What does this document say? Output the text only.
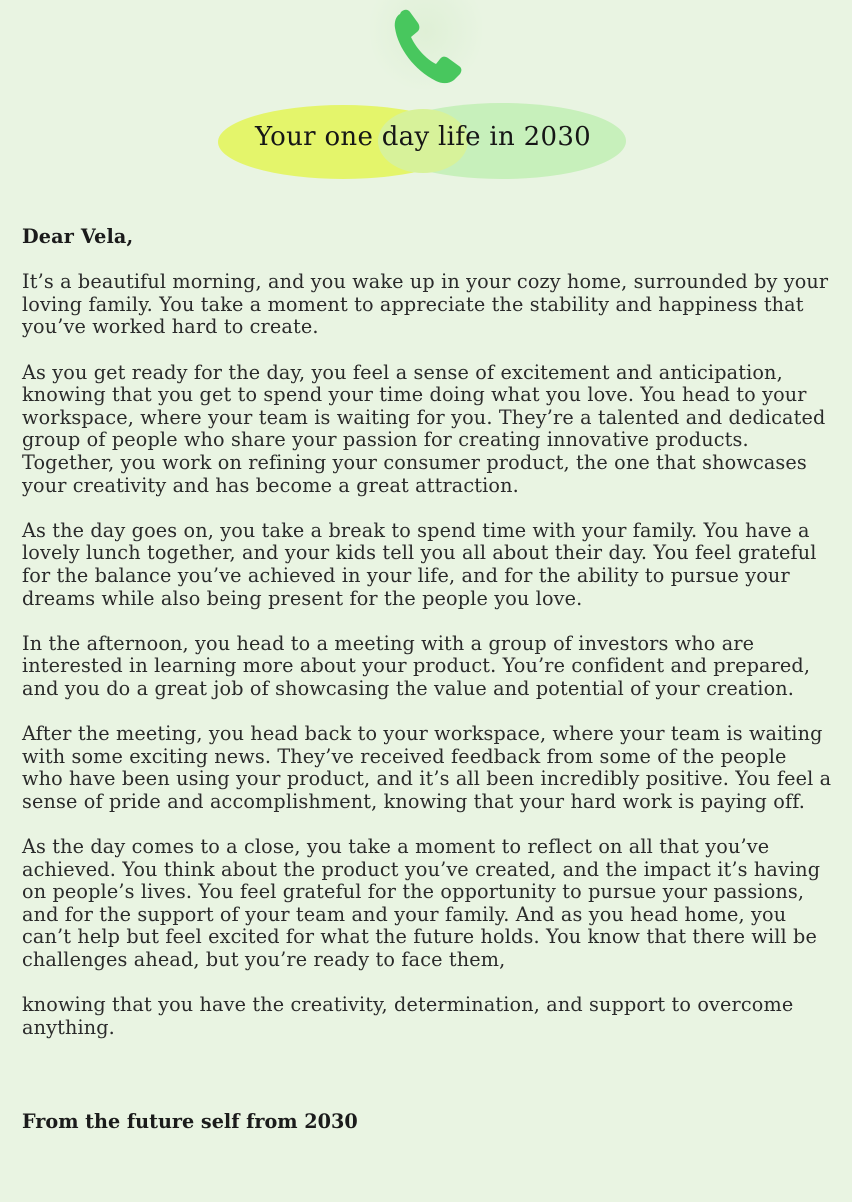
Your one day life in 2030

Dear Vela,

It’s a beautiful morning, and you wake up in your cozy home, surrounded by your loving family. You take a moment to appreciate the stability and happiness that you’ve worked hard to create.

As you get ready for the day, you feel a sense of excitement and anticipation, knowing that you get to spend your time doing what you love. You head to your workspace, where your team is waiting for you. They’re a talented and dedicated group of people who share your passion for creating innovative products. Together, you work on refining your consumer product, the one that showcases your creativity and has become a great attraction.

As the day goes on, you take a break to spend time with your family. You have a lovely lunch together, and your kids tell you all about their day. You feel grateful for the balance you’ve achieved in your life, and for the ability to pursue your dreams while also being present for the people you love.

In the afternoon, you head to a meeting with a group of investors who are interested in learning more about your product. You’re confident and prepared, and you do a great job of showcasing the value and potential of your creation.

After the meeting, you head back to your workspace, where your team is waiting with some exciting news. They’ve received feedback from some of the people who have been using your product, and it’s all been incredibly positive. You feel a sense of pride and accomplishment, knowing that your hard work is paying off.

As the day comes to a close, you take a moment to reflect on all that you’ve achieved. You think about the product you’ve created, and the impact it’s having on people’s lives. You feel grateful for the opportunity to pursue your passions, and for the support of your team and your family. And as you head home, you can’t help but feel excited for what the future holds. You know that there will be challenges ahead, but you’re ready to face them,

knowing that you have the creativity, determination, and support to overcome anything.

From the future self from 2030
